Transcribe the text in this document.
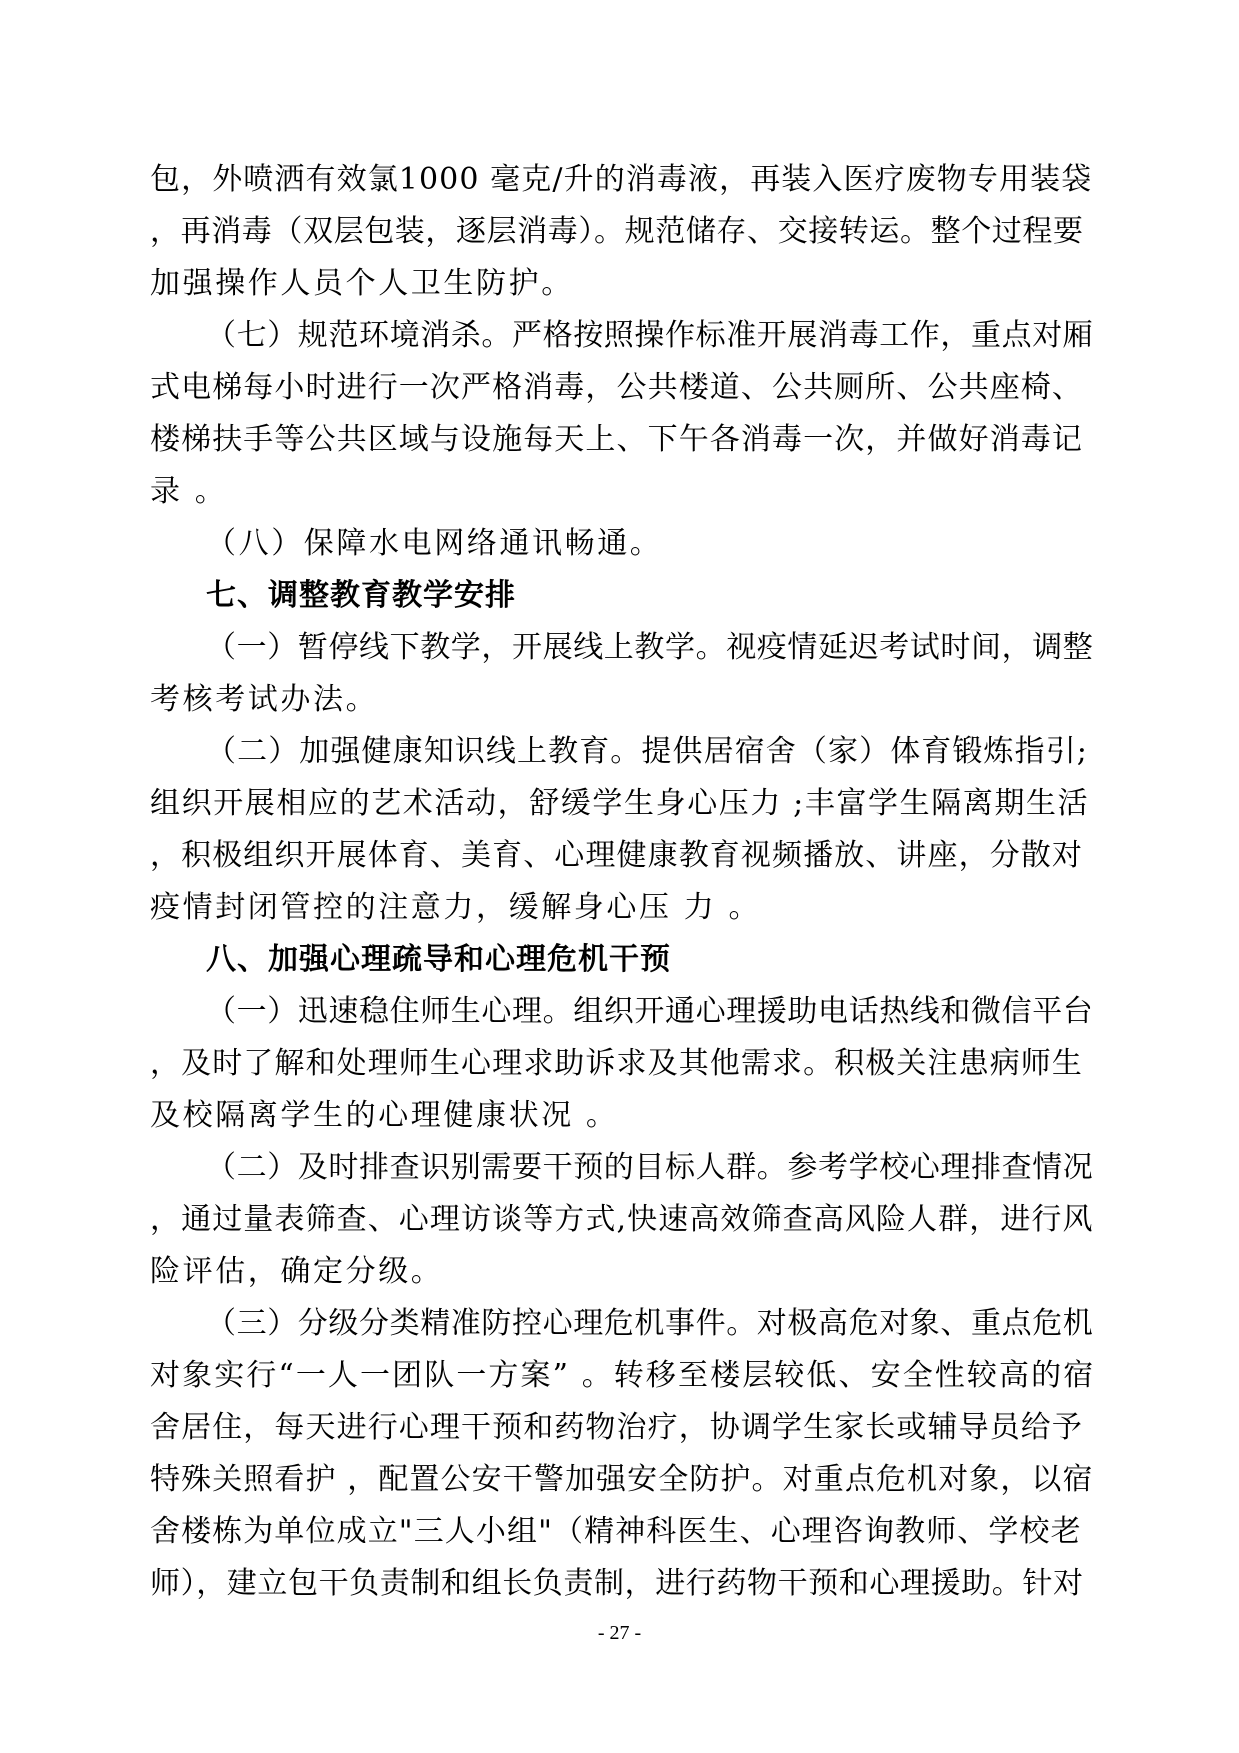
包，外喷洒有效氯1000 毫克/升的消毒液，再装入医疗废物专用装袋
，再消毒（双层包装，逐层消毒）。规范储存、交接转运。整个过程要
加强操作人员个人卫生防护。
（七）规范环境消杀。严格按照操作标准开展消毒工作，重点对厢
式电梯每小时进行一次严格消毒，公共楼道、公共厕所、公共座椅、
楼梯扶手等公共区域与设施每天上、下午各消毒一次，并做好消毒记
录 。
（八）保障水电网络通讯畅通。
七、调整教育教学安排
（一）暂停线下教学，开展线上教学。视疫情延迟考试时间，调整
考核考试办法。
（二）加强健康知识线上教育。提供居宿舍（家）体育锻炼指引;
组织开展相应的艺术活动，舒缓学生身心压力 ;丰富学生隔离期生活
，积极组织开展体育、美育、心理健康教育视频播放、讲座，分散对
疫情封闭管控的注意力，缓解身心压 力 。
八、加强心理疏导和心理危机干预
（一）迅速稳住师生心理。组织开通心理援助电话热线和微信平台
，及时了解和处理师生心理求助诉求及其他需求。积极关注患病师生
及校隔离学生的心理健康状况 。
（二）及时排查识别需要干预的目标人群。参考学校心理排查情况
，通过量表筛查、心理访谈等方式,快速高效筛查高风险人群，进行风
险评估，确定分级。
（三）分级分类精准防控心理危机事件。对极高危对象、重点危机
对象实行“一人一团队一方案” 。转移至楼层较低、安全性较高的宿
舍居住，每天进行心理干预和药物治疗，协调学生家长或辅导员给予
特殊关照看护 ，配置公安干警加强安全防护。对重点危机对象，以宿
舍楼栋为单位成立"三人小组"（精神科医生、心理咨询教师、学校老
师），建立包干负责制和组长负责制，进行药物干预和心理援助。针对
- 27 -
